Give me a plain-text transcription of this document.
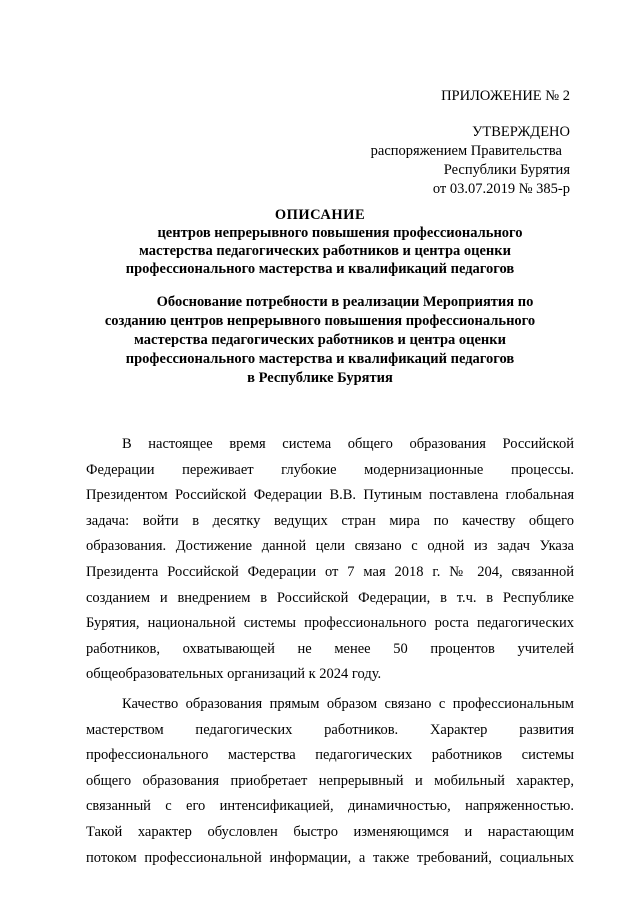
ПРИЛОЖЕНИЕ № 2
УТВЕРЖДЕНО
распоряжением Правительства
Республики Бурятия
от 03.07.2019 № 385-р
ОПИСАНИЕ
центров непрерывного повышения профессионального
мастерства педагогических работников и центра оценки
профессионального мастерства и квалификаций педагогов
Обоснование потребности в реализации Мероприятия по
созданию центров непрерывного повышения профессионального
мастерства педагогических работников и центра оценки
профессионального мастерства и квалификаций педагогов
в Республике Бурятия
В настоящее время система общего образования Российской
Федерации переживает глубокие модернизационные процессы.
Президентом Российской Федерации В.В. Путиным поставлена глобальная
задача: войти в десятку ведущих стран мира по качеству общего
образования. Достижение данной цели связано с одной из задач Указа
Президента Российской Федерации от 7 мая 2018 г. № 204, связанной
созданием и внедрением в Российской Федерации, в т.ч. в Республике
Бурятия, национальной системы профессионального роста педагогических
работников, охватывающей не менее 50 процентов учителей
общеобразовательных организаций к 2024 году.
Качество образования прямым образом связано с профессиональным
мастерством педагогических работников. Характер развития
профессионального мастерства педагогических работников системы
общего образования приобретает непрерывный и мобильный характер,
связанный с его интенсификацией, динамичностью, напряженностью.
Такой характер обусловлен быстро изменяющимся и нарастающим
потоком профессиональной информации, а также требований, социальных
